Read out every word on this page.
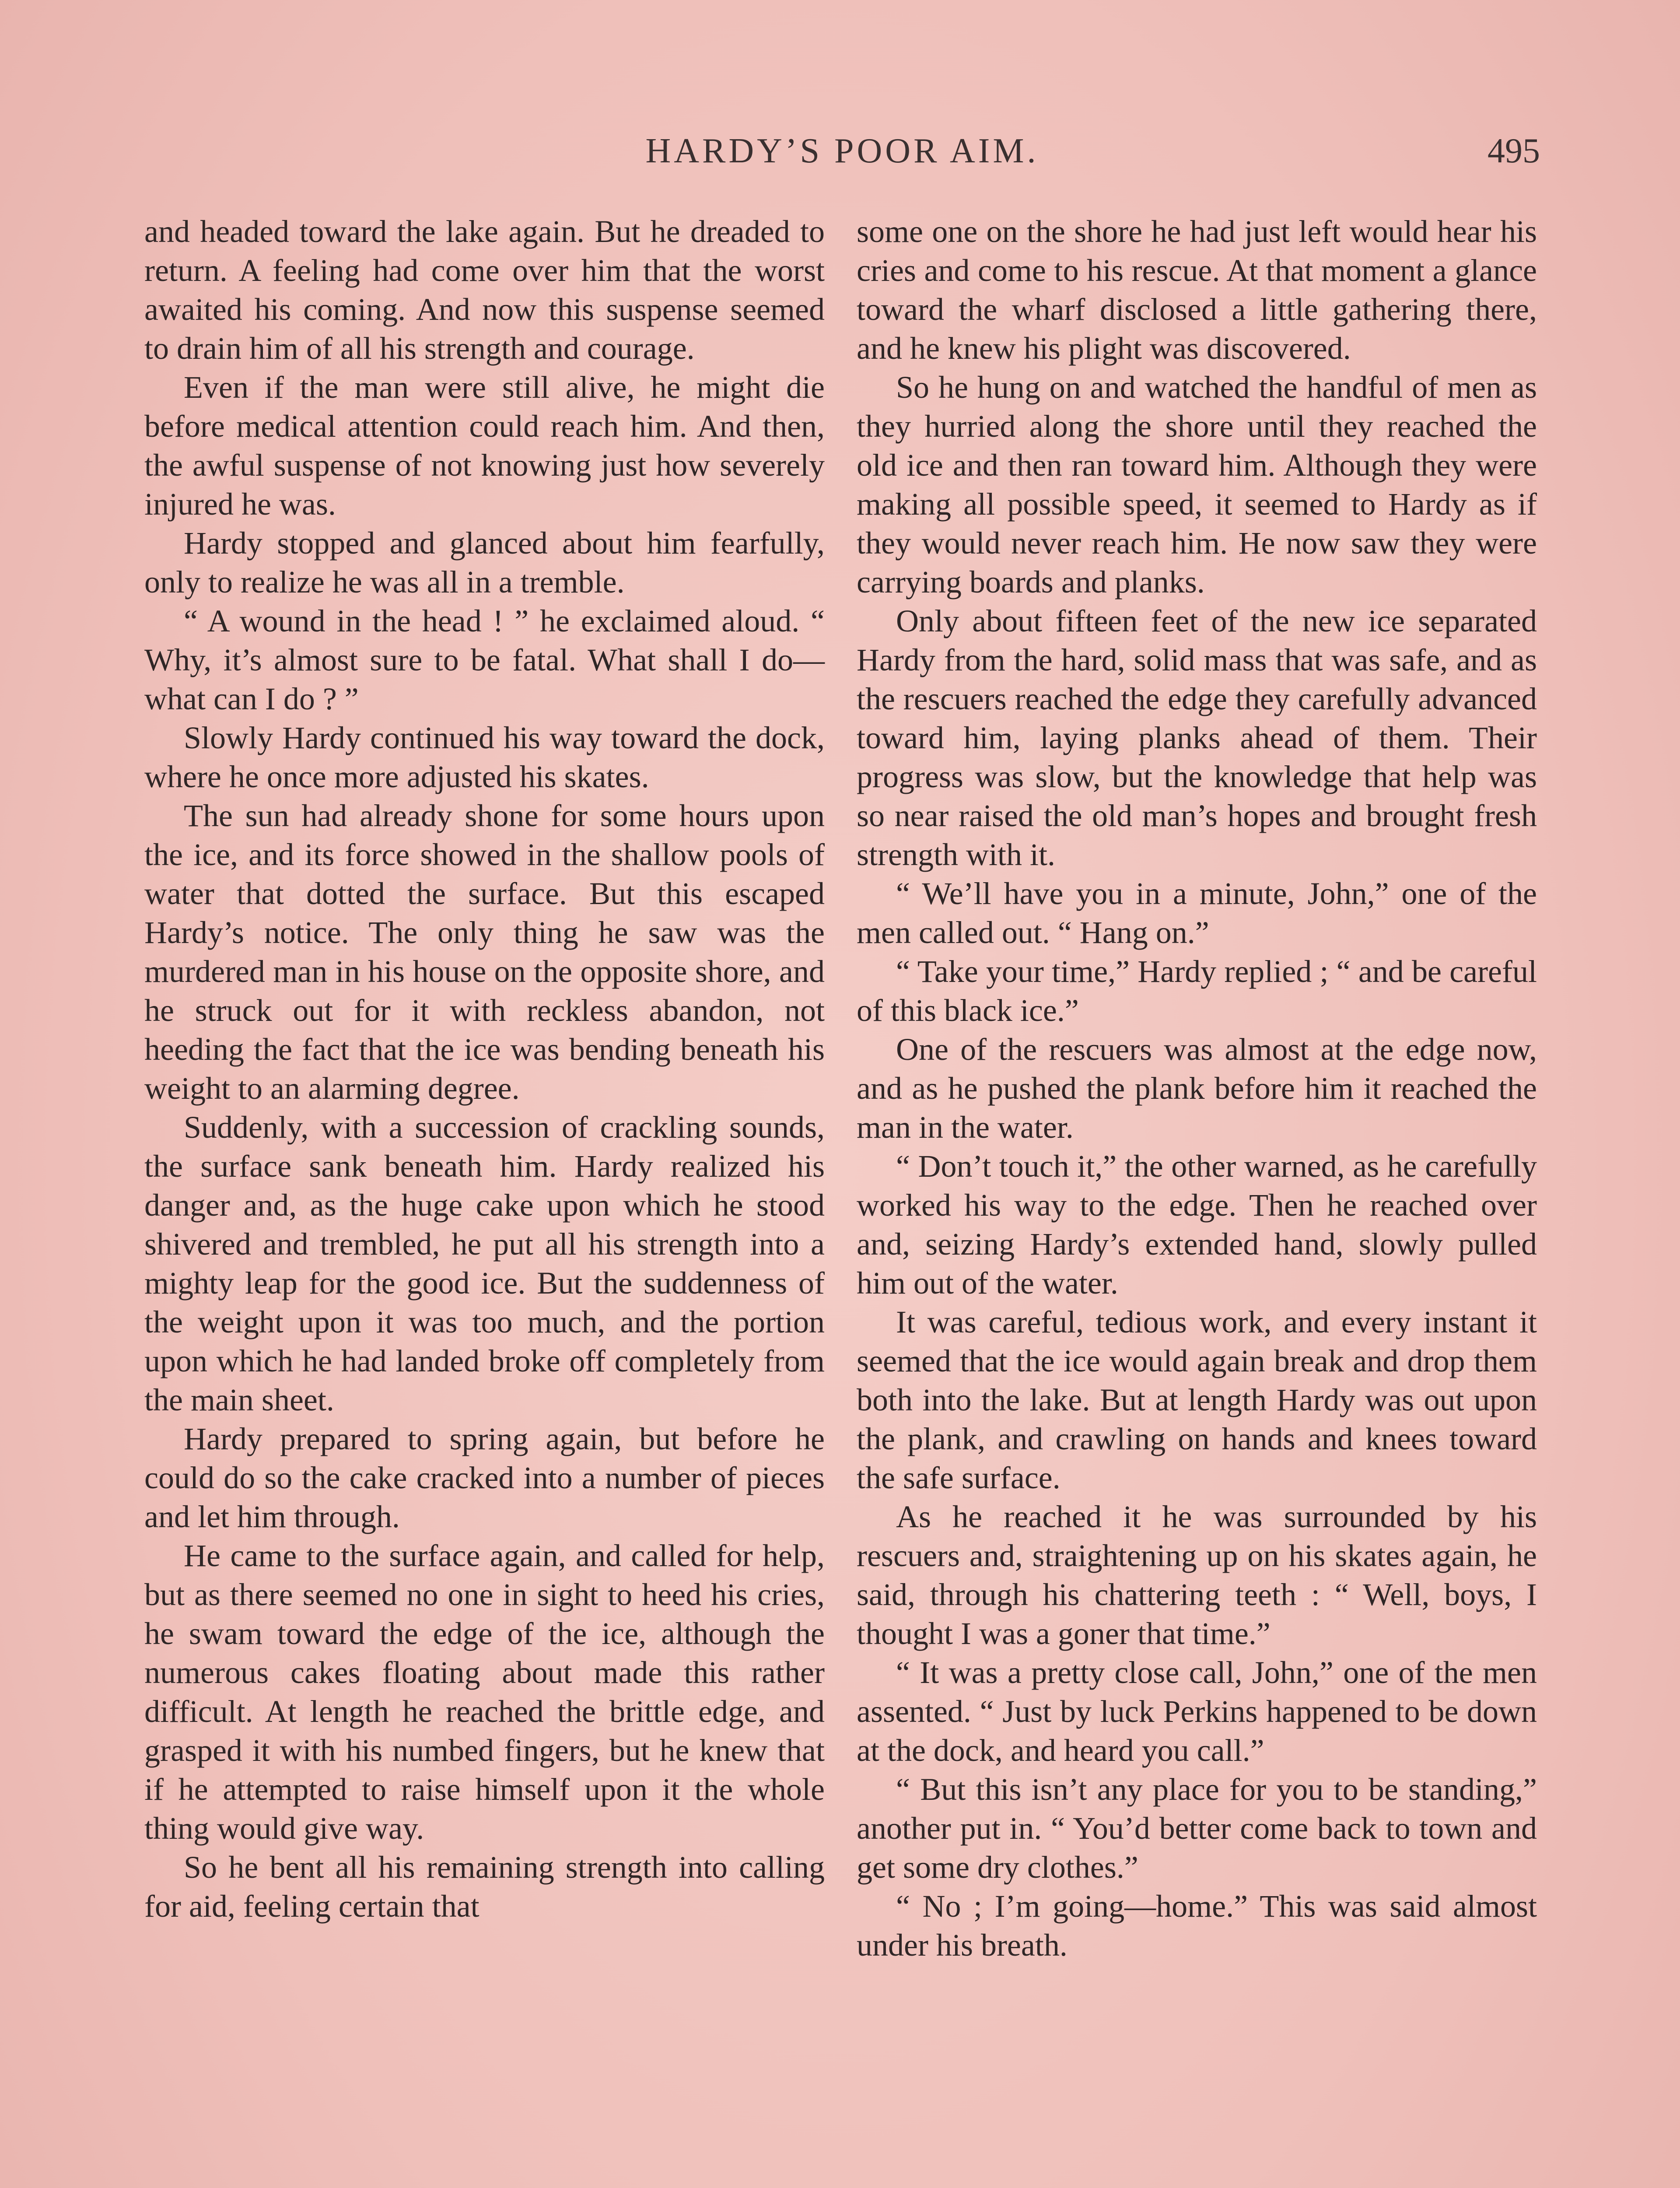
HARDY’S POOR AIM.	495

and headed toward the lake again. But he dreaded to return. A feeling had come over him that the worst awaited his coming. And now this suspense seemed to drain him of all his strength and courage.

Even if the man were still alive, he might die before medical attention could reach him. And then, the awful suspense of not knowing just how severely injured he was.

Hardy stopped and glanced about him fearfully, only to realize he was all in a tremble.

“ A wound in the head ! ” he exclaimed aloud. “ Why, it’s almost sure to be fatal. What shall I do—what can I do ? ”

Slowly Hardy continued his way toward the dock, where he once more adjusted his skates.

The sun had already shone for some hours upon the ice, and its force showed in the shallow pools of water that dotted the surface. But this escaped Hardy’s notice. The only thing he saw was the murdered man in his house on the opposite shore, and he struck out for it with reckless abandon, not heeding the fact that the ice was bending beneath his weight to an alarming degree.

Suddenly, with a succession of crackling sounds, the surface sank beneath him. Hardy realized his danger and, as the huge cake upon which he stood shivered and trembled, he put all his strength into a mighty leap for the good ice. But the suddenness of the weight upon it was too much, and the portion upon which he had landed broke off completely from the main sheet.

Hardy prepared to spring again, but before he could do so the cake cracked into a number of pieces and let him through.

He came to the surface again, and called for help, but as there seemed no one in sight to heed his cries, he swam toward the edge of the ice, although the numerous cakes floating about made this rather difficult. At length he reached the brittle edge, and grasped it with his numbed fingers, but he knew that if he attempted to raise himself upon it the whole thing would give way.

So he bent all his remaining strength into calling for aid, feeling certain that

some one on the shore he had just left would hear his cries and come to his rescue. At that moment a glance toward the wharf disclosed a little gathering there, and he knew his plight was discovered.

So he hung on and watched the handful of men as they hurried along the shore until they reached the old ice and then ran toward him. Although they were making all possible speed, it seemed to Hardy as if they would never reach him. He now saw they were carrying boards and planks.

Only about fifteen feet of the new ice separated Hardy from the hard, solid mass that was safe, and as the rescuers reached the edge they carefully advanced toward him, laying planks ahead of them. Their progress was slow, but the knowledge that help was so near raised the old man’s hopes and brought fresh strength with it.

“ We’ll have you in a minute, John,” one of the men called out. “ Hang on.”

“ Take your time,” Hardy replied ; “ and be careful of this black ice.”

One of the rescuers was almost at the edge now, and as he pushed the plank before him it reached the man in the water.

“ Don’t touch it,” the other warned, as he carefully worked his way to the edge. Then he reached over and, seizing Hardy’s extended hand, slowly pulled him out of the water.

It was careful, tedious work, and every instant it seemed that the ice would again break and drop them both into the lake. But at length Hardy was out upon the plank, and crawling on hands and knees toward the safe surface.

As he reached it he was surrounded by his rescuers and, straightening up on his skates again, he said, through his chattering teeth : “ Well, boys, I thought I was a goner that time.”

“ It was a pretty close call, John,” one of the men assented. “ Just by luck Perkins happened to be down at the dock, and heard you call.”

“ But this isn’t any place for you to be standing,” another put in. “ You’d better come back to town and get some dry clothes.”

“ No ; I’m going—home.” This was said almost under his breath.
